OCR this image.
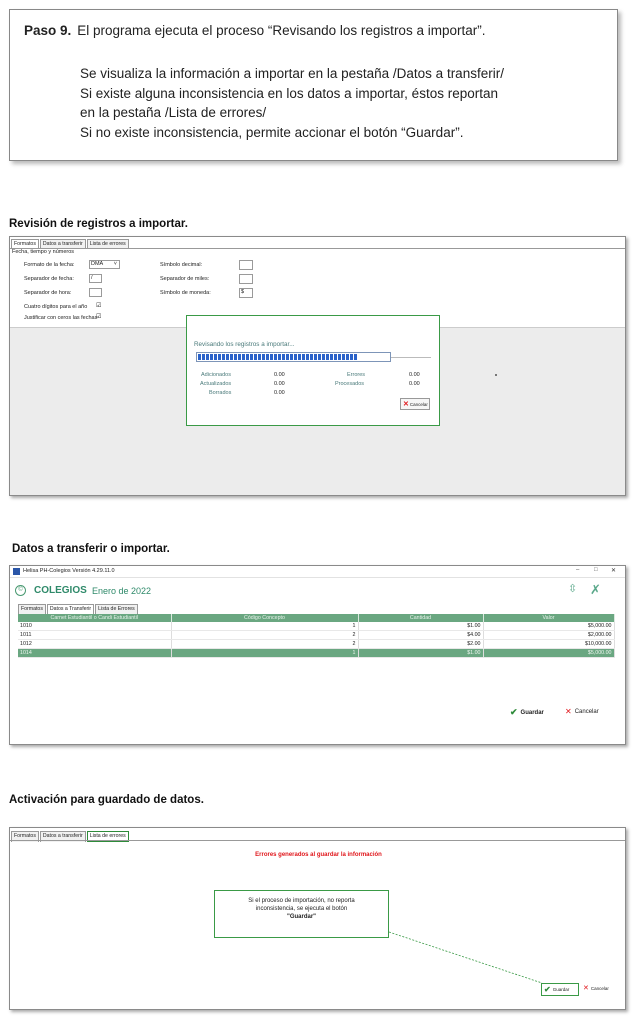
Paso 9. El programa ejecuta el proceso “Revisando los registros a importar”.
Se visualiza la información a importar en la pestaña /Datos a transferir/
Si existe alguna inconsistencia en los datos a importar, éstos reportan
en la pestaña /Lista de errores/
Si no existe inconsistencia, permite accionar el botón “Guardar”.
Revisión de registros a importar.
Formatos	Datos a transferir	Lista de errores
Fecha, tiempo y números
Formato de la fecha:	DMA ˅
Separador de fecha:	/
Separador de hora:
Cuatro dígitos para el año ☑
Justificar con ceros las fechas
☑
Símbolo decimal:
Separador de miles:
Símbolo de moneda:	$
Revisando los registros a importar...
Adicionados	0.00
Actualizados	0.00
Borrados	0.00
Errores	0.00
Procesados	0.00
✕ Cancelar
Datos a transferir o importar.
Helisa PH-Colegios Versión 4.29.11.0	– □ ✕
©	COLEGIOS Enero de 2022	⇳ ✗
Formatos	Datos a Transferir	Lista de Errores
✔ Guardar	✕ Cancelar
Carnet Estudiantil o Candi Estudiantil	Código Concepto	Cantidad	Valor
1010	1	$1.00	$5,000.00
1011	2	$4.00	$2,000.00
1012	2	$2.00	$10,000.00
1014	1	$1.00	$5,000.00
Activación para guardado de datos.
Formatos	Datos a transferir	Lista de errores
Errores generados al guardar la información
Si el proceso de importación, no reporta inconsistencia, se ejecuta el botón
"Guardar"
✔ Guardar ✕ Cancelar
